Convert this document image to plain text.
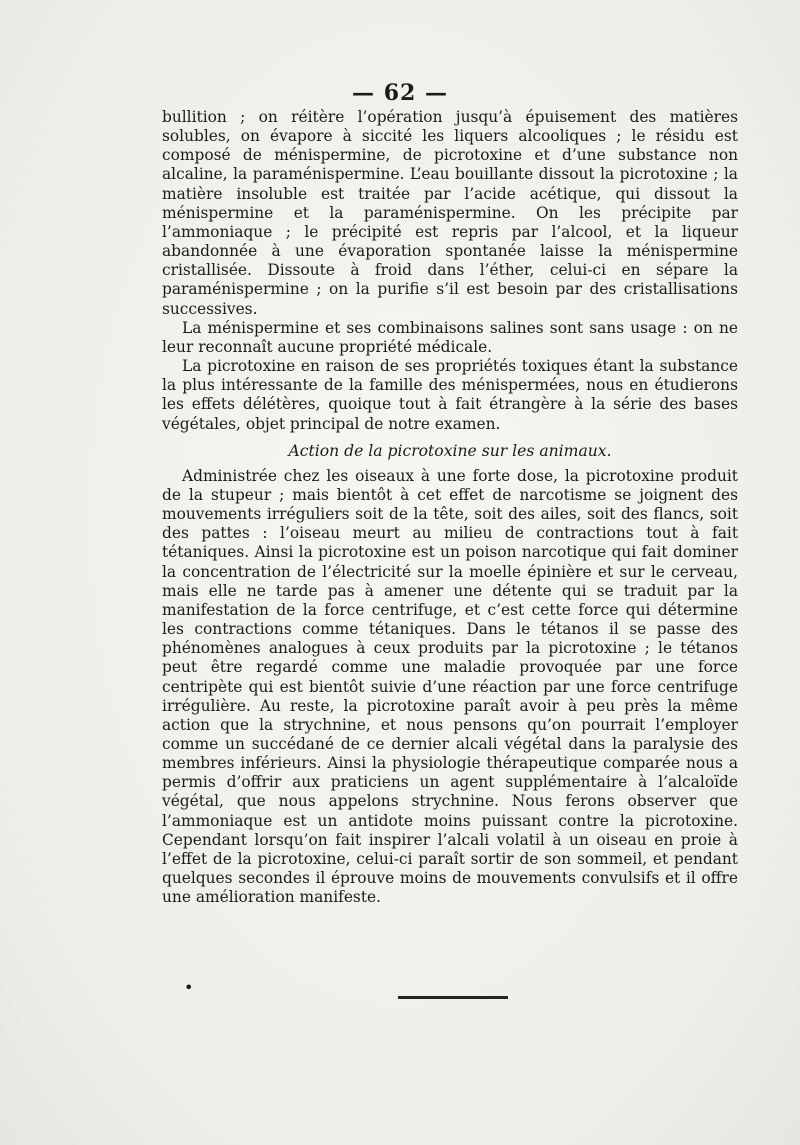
— 62 —

bullition ; on réitère l’opération jusqu’à épuisement des matières solubles, on évapore à siccité les liquers alcooliques ; le résidu est composé de ménispermine, de picrotoxine et d’une substance non alcaline, la paraménispermine. L’eau bouillante dissout la picrotoxine ; la matière insoluble est traitée par l’acide acétique, qui dissout la ménispermine et la paraménispermine. On les précipite par l’ammoniaque ; le précipité est repris par l’alcool, et la liqueur abandonnée à une évaporation spontanée laisse la ménispermine cristallisée. Dissoute à froid dans l’éther, celui-ci en sépare la paraménispermine ; on la purifie s’il est besoin par des cristallisations successives.

La ménispermine et ses combinaisons salines sont sans usage : on ne leur reconnaît aucune propriété médicale.

La picrotoxine en raison de ses propriétés toxiques étant la substance la plus intéressante de la famille des ménispermées, nous en étudierons les effets délétères, quoique tout à fait étrangère à la série des bases végétales, objet principal de notre examen.

Action de la picrotoxine sur les animaux.

Administrée chez les oiseaux à une forte dose, la picrotoxine produit de la stupeur ; mais bientôt à cet effet de narcotisme se joignent des mouvements irréguliers soit de la tête, soit des ailes, soit des flancs, soit des pattes : l’oiseau meurt au milieu de contractions tout à fait tétaniques. Ainsi la picrotoxine est un poison narcotique qui fait dominer la concentration de l’électricité sur la moelle épinière et sur le cerveau, mais elle ne tarde pas à amener une détente qui se traduit par la manifestation de la force centrifuge, et c’est cette force qui détermine les contractions comme tétaniques. Dans le tétanos il se passe des phénomènes analogues à ceux produits par la picrotoxine ; le tétanos peut être regardé comme une maladie provoquée par une force centripète qui est bientôt suivie d’une réaction par une force centrifuge irrégulière. Au reste, la picrotoxine paraît avoir à peu près la même action que la strychnine, et nous pensons qu’on pourrait l’employer comme un succédané de ce dernier alcali végétal dans la paralysie des membres inférieurs. Ainsi la physiologie thérapeutique comparée nous a permis d’offrir aux praticiens un agent supplémentaire à l’alcaloïde végétal, que nous appelons strychnine. Nous ferons observer que l’ammoniaque est un antidote moins puissant contre la picrotoxine. Cependant lorsqu’on fait inspirer l’alcali volatil à un oiseau en proie à l’effet de la picrotoxine, celui-ci paraît sortir de son sommeil, et pendant quelques secondes il éprouve moins de mouvements convulsifs et il offre une amélioration manifeste.

•
